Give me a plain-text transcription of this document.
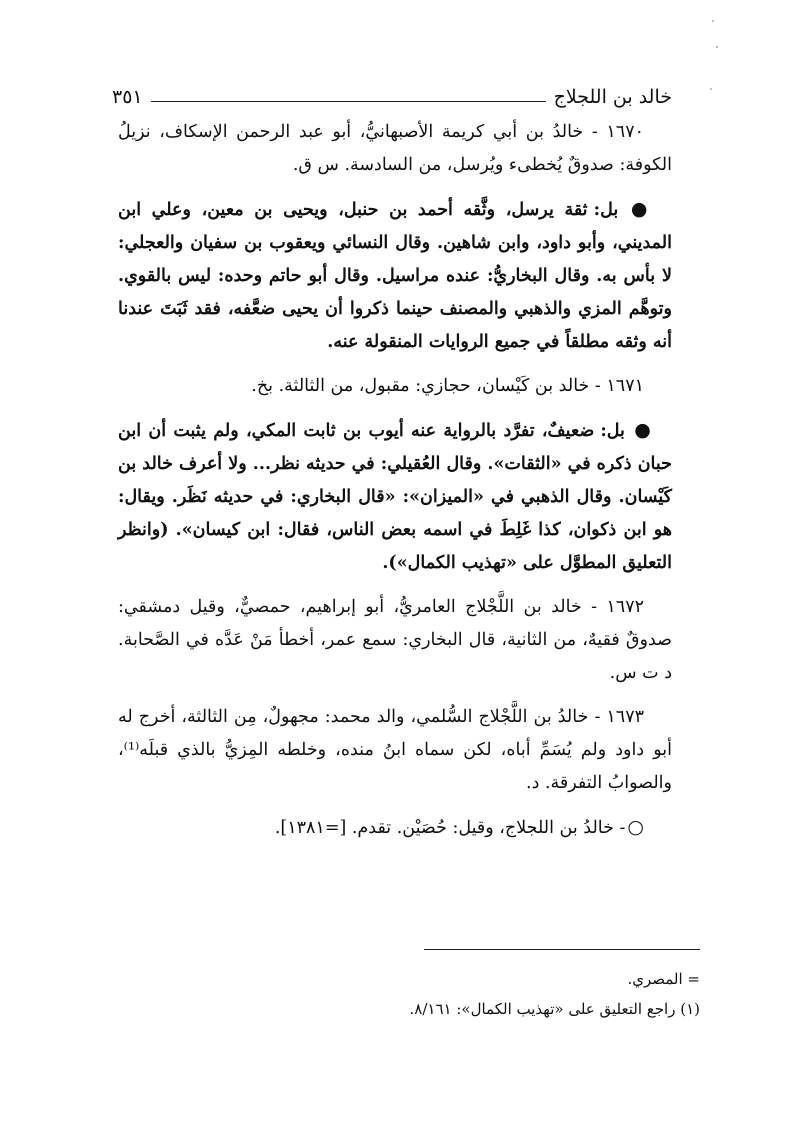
خالد بن اللجلاج
٣٥١

١٦٧٠ - خالدُ بن أبي كريمة الأصبهانيُّ، أبو عبد الرحمن الإسكاف، نزيلُ الكوفة: صدوقٌ يُخطىء ويُرسل، من السادسة. س ق.

● بل: ثقة يرسل، وثَّقه أحمد بن حنبل، ويحيى بن معين، وعلي ابن المديني، وأبو داود، وابن شاهين. وقال النسائي ويعقوب بن سفيان والعجلي: لا بأس به. وقال البخاريُّ: عنده مراسيل. وقال أبو حاتم وحده: ليس بالقوي. وتوهَّم المزي والذهبي والمصنف حينما ذكروا أن يحيى ضعَّفه، فقد ثَبَتَ عندنا أنه وثقه مطلقاً في جميع الروايات المنقولة عنه.

١٦٧١ - خالد بن كَيْسان، حجازي: مقبول، من الثالثة. بخ.

● بل: ضعيفٌ، تفرَّد بالرواية عنه أيوب بن ثابت المكي، ولم يثبت أن ابن حبان ذكره في «الثقات». وقال العُقيلي: في حديثه نظر... ولا أعرف خالد بن كَيْسان. وقال الذهبي في «الميزان»: «قال البخاري: في حديثه نَظَر. ويقال: هو ابن ذكوان، كذا غَلِطَ في اسمه بعض الناس، فقال: ابن كيسان». (وانظر التعليق المطوَّل على «تهذيب الكمال»).

١٦٧٢ - خالد بن اللَّجْلاج العامريُّ، أبو إبراهيم، حمصيٌّ، وقيل دمشقي: صدوقٌ فقيهٌ، من الثانية، قال البخاري: سمع عمر، أخطأ مَنْ عَدَّه في الصَّحابة. د ت س.

١٦٧٣ - خالدُ بن اللَّجْلاج السُّلمي، والد محمد: مجهولٌ، مِن الثالثة، أخرج له أبو داود ولم يُسَمِّ أباه، لكن سماه ابنُ منده، وخلطه المِزيُّ بالذي قبلَه⁽¹⁾، والصوابُ التفرقة. د.

○- خالدُ بن اللجلاج، وقيل: حُصَيْن. تقدم. [=١٣٨١].

= المصري.

(١) راجع التعليق على «تهذيب الكمال»: ٨/١٦١.
